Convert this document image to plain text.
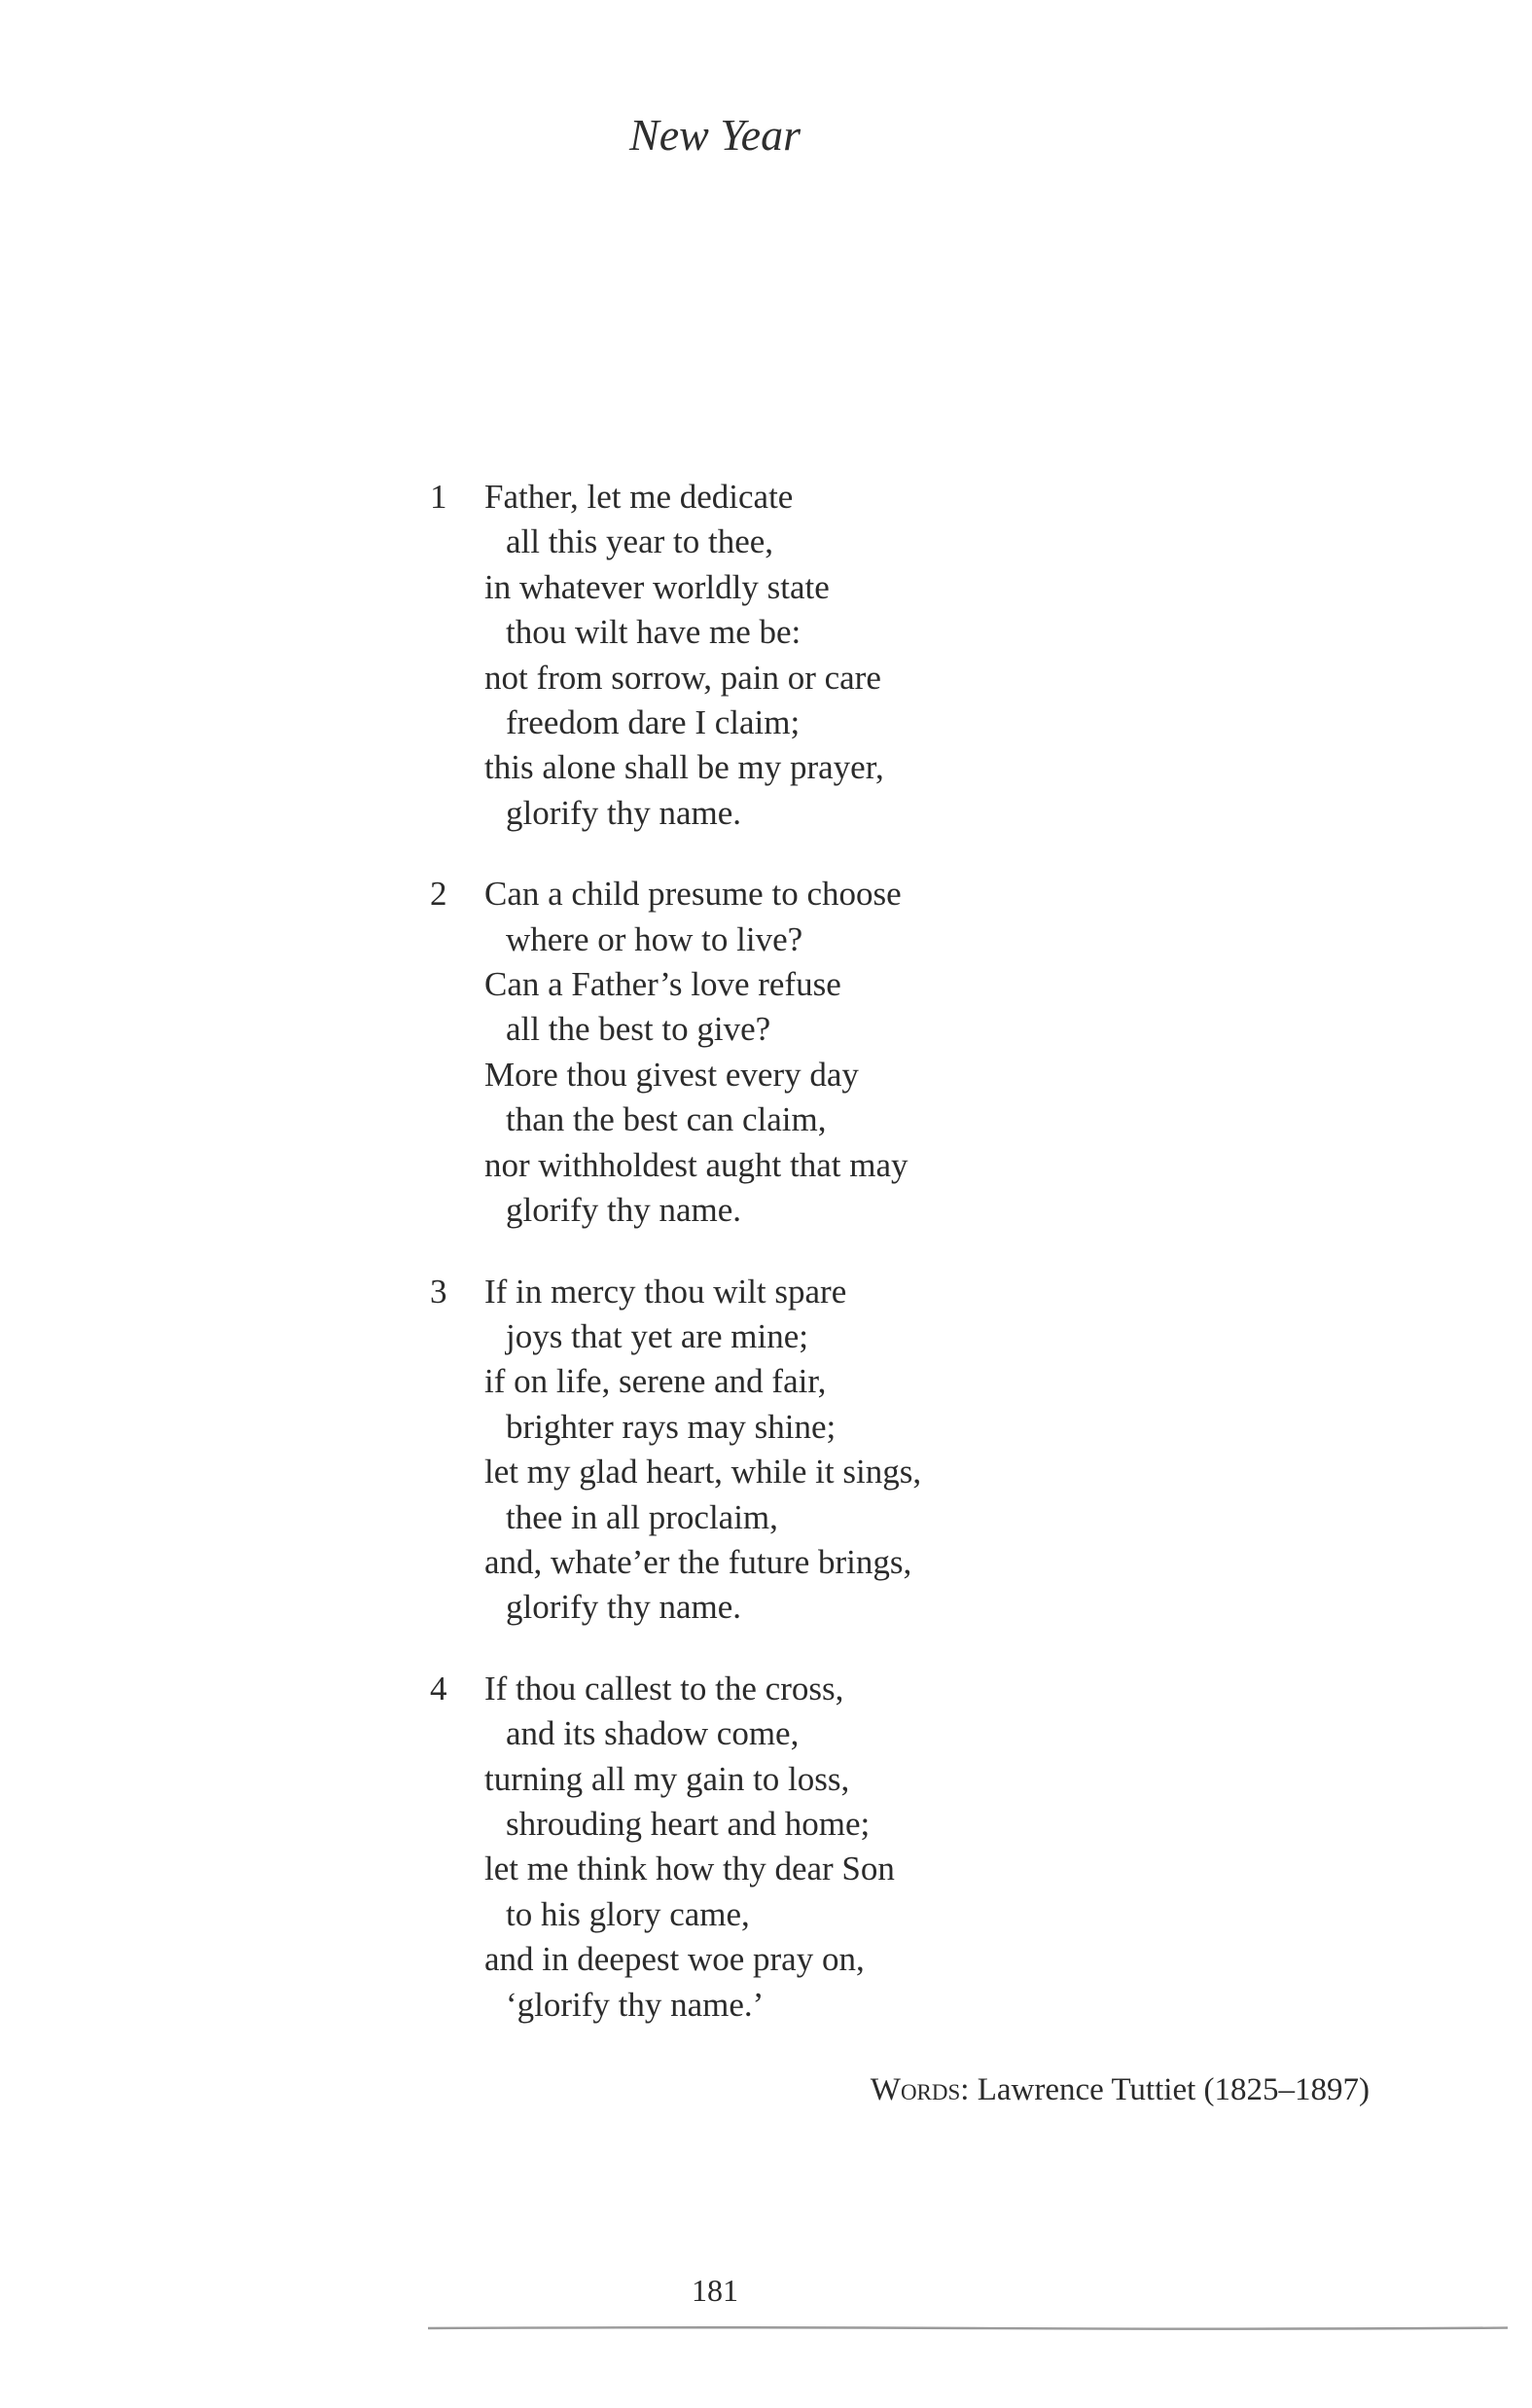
New Year
1 Father, let me dedicate
all this year to thee,
in whatever worldly state
thou wilt have me be:
not from sorrow, pain or care
freedom dare I claim;
this alone shall be my prayer,
glorify thy name.
2 Can a child presume to choose
where or how to live?
Can a Father’s love refuse
all the best to give?
More thou givest every day
than the best can claim,
nor withholdest aught that may
glorify thy name.
3 If in mercy thou wilt spare
joys that yet are mine;
if on life, serene and fair,
brighter rays may shine;
let my glad heart, while it sings,
thee in all proclaim,
and, whate’er the future brings,
glorify thy name.
4 If thou callest to the cross,
and its shadow come,
turning all my gain to loss,
shrouding heart and home;
let me think how thy dear Son
to his glory came,
and in deepest woe pray on,
‘glorify thy name.’
Words: Lawrence Tuttiet (1825–1897)
181
